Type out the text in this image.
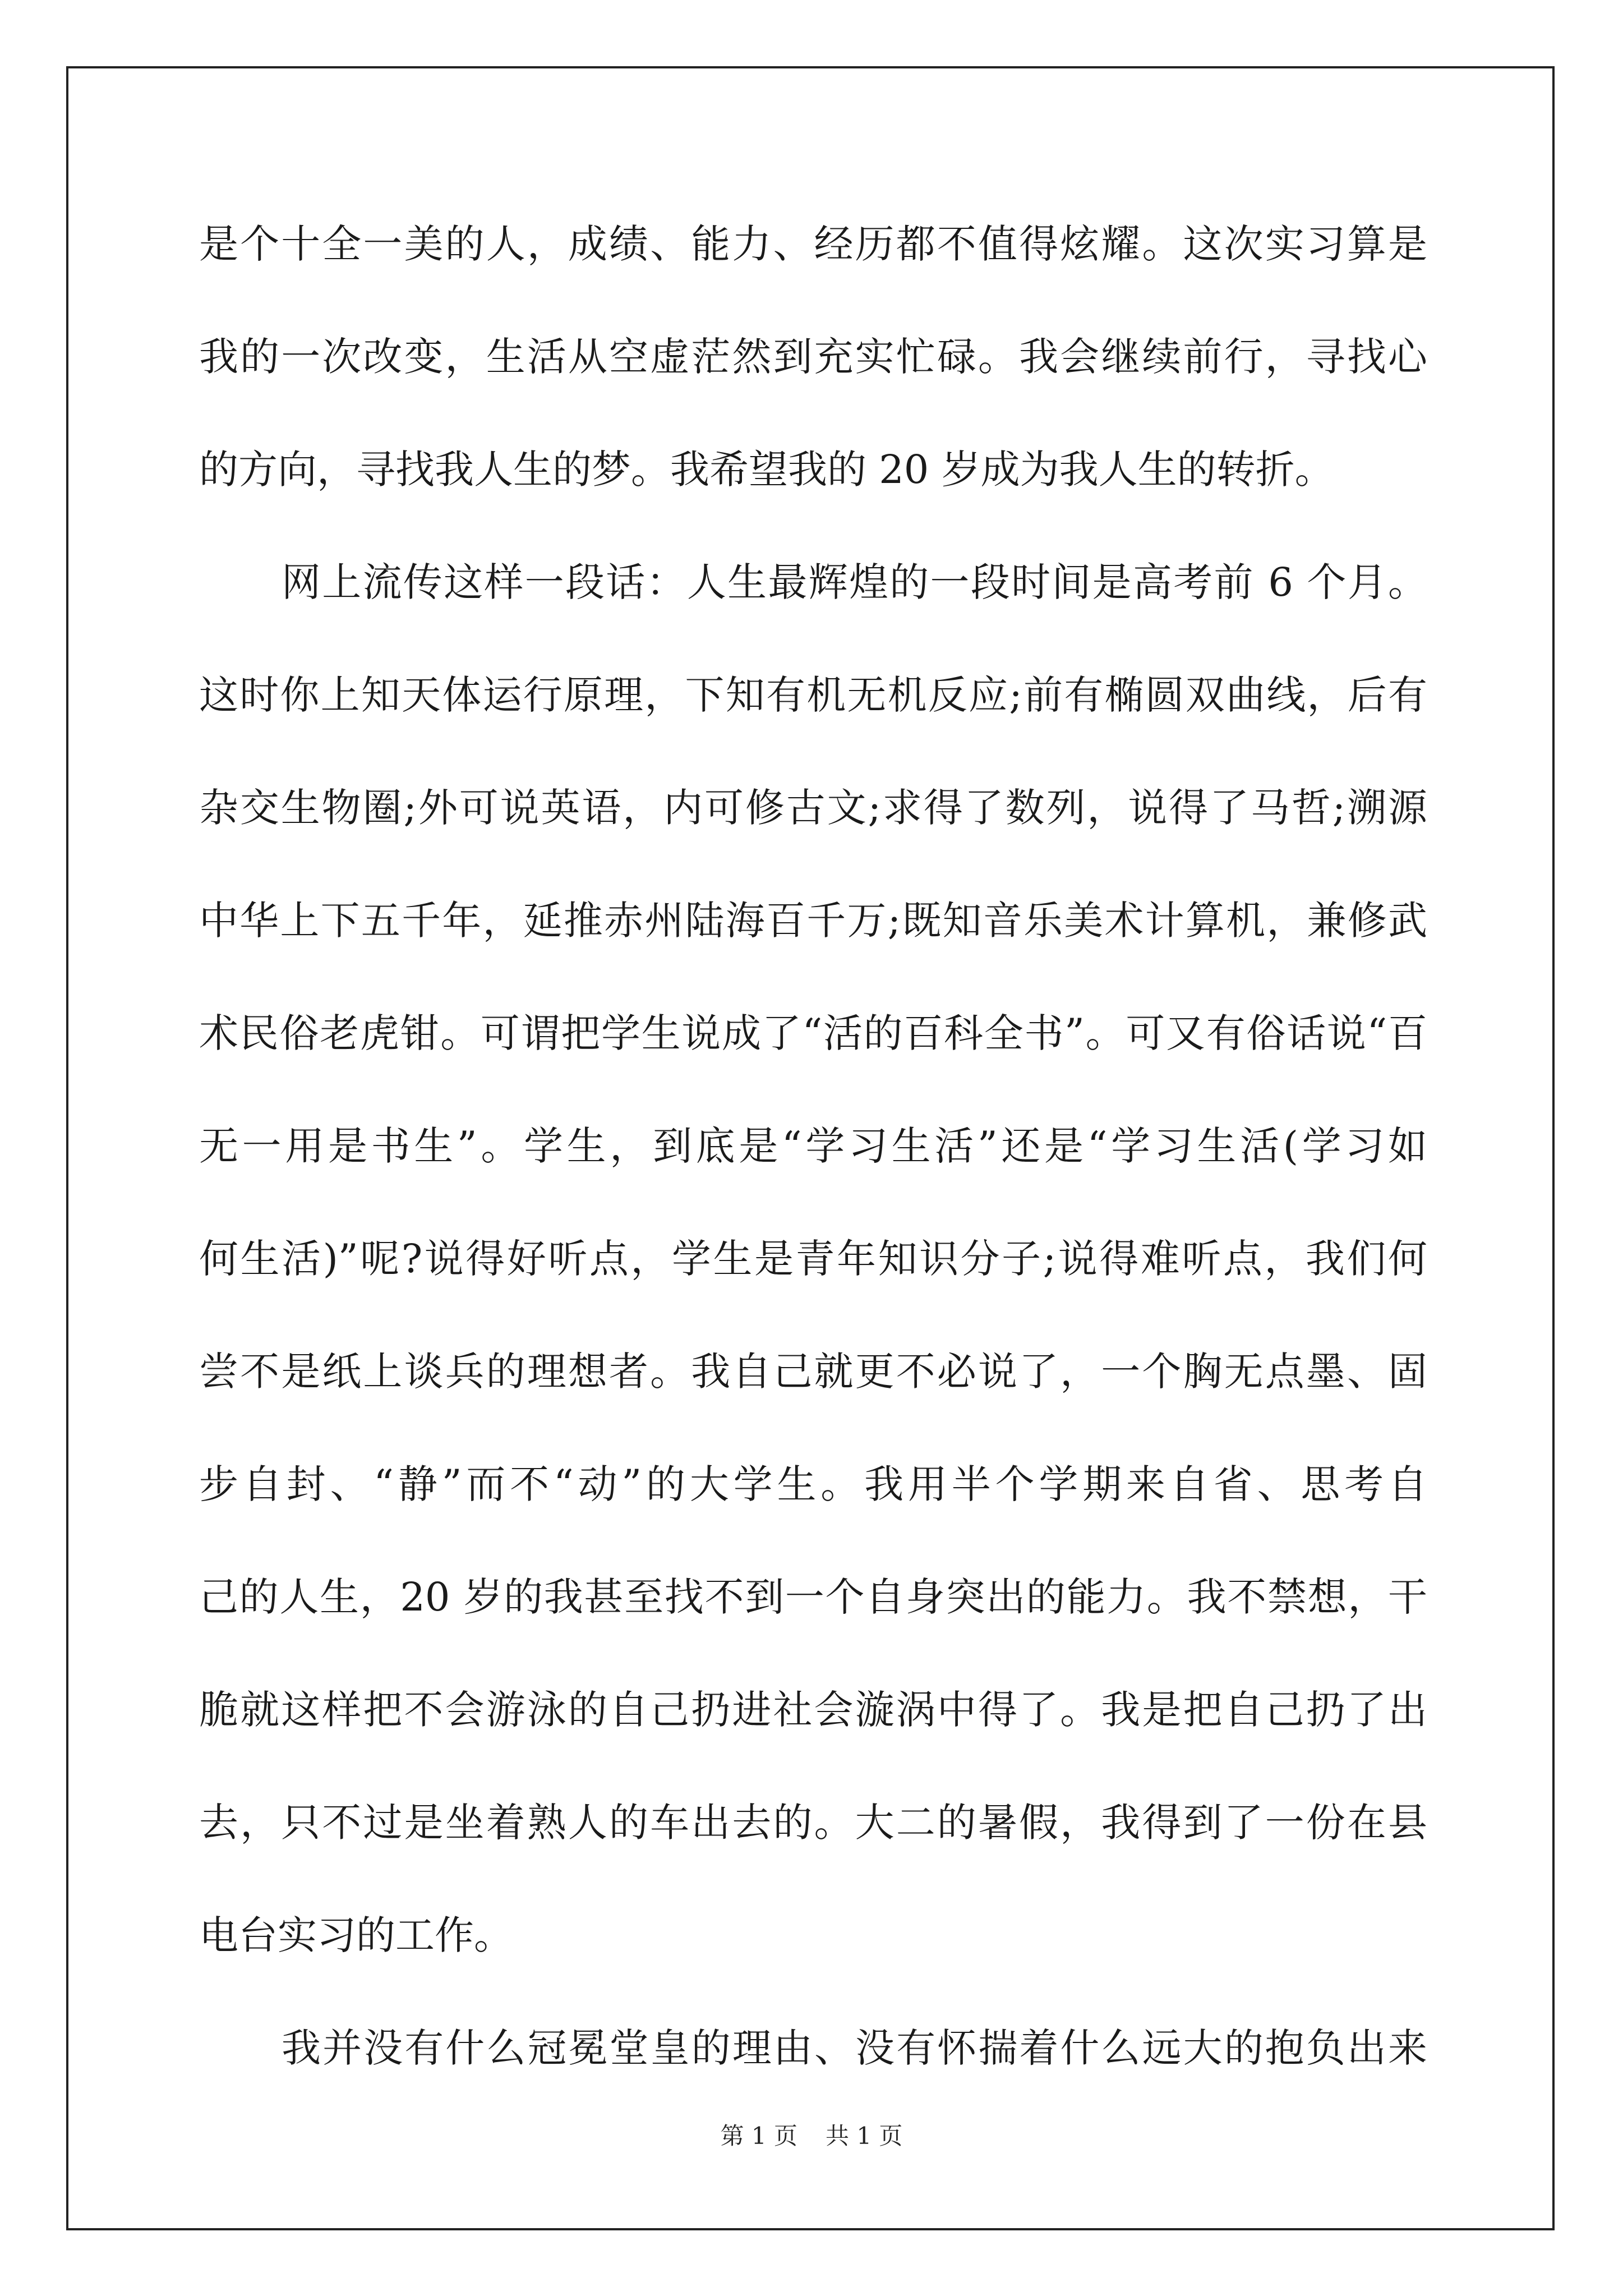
是个十全一美的人，成绩、能力、经历都不值得炫耀。这次实习算是
我的一次改变，生活从空虚茫然到充实忙碌。我会继续前行，寻找心
的方向，寻找我人生的梦。我希望我的 20 岁成为我人生的转折。
网上流传这样一段话：人生最辉煌的一段时间是高考前 6 个月。
这时你上知天体运行原理，下知有机无机反应;前有椭圆双曲线，后有
杂交生物圈;外可说英语，内可修古文;求得了数列，说得了马哲;溯源
中华上下五千年，延推赤州陆海百千万;既知音乐美术计算机，兼修武
术民俗老虎钳。可谓把学生说成了“活的百科全书”。可又有俗话说“百
无一用是书生”。学生，到底是“学习生活”还是“学习生活(学习如
何生活)”呢?说得好听点，学生是青年知识分子;说得难听点，我们何
尝不是纸上谈兵的理想者。我自己就更不必说了，一个胸无点墨、固
步自封、“静”而不“动”的大学生。我用半个学期来自省、思考自
己的人生，20 岁的我甚至找不到一个自身突出的能力。我不禁想，干
脆就这样把不会游泳的自己扔进社会漩涡中得了。我是把自己扔了出
去，只不过是坐着熟人的车出去的。大二的暑假，我得到了一份在县
电台实习的工作。
我并没有什么冠冕堂皇的理由、没有怀揣着什么远大的抱负出来
第 1 页 共 1 页
